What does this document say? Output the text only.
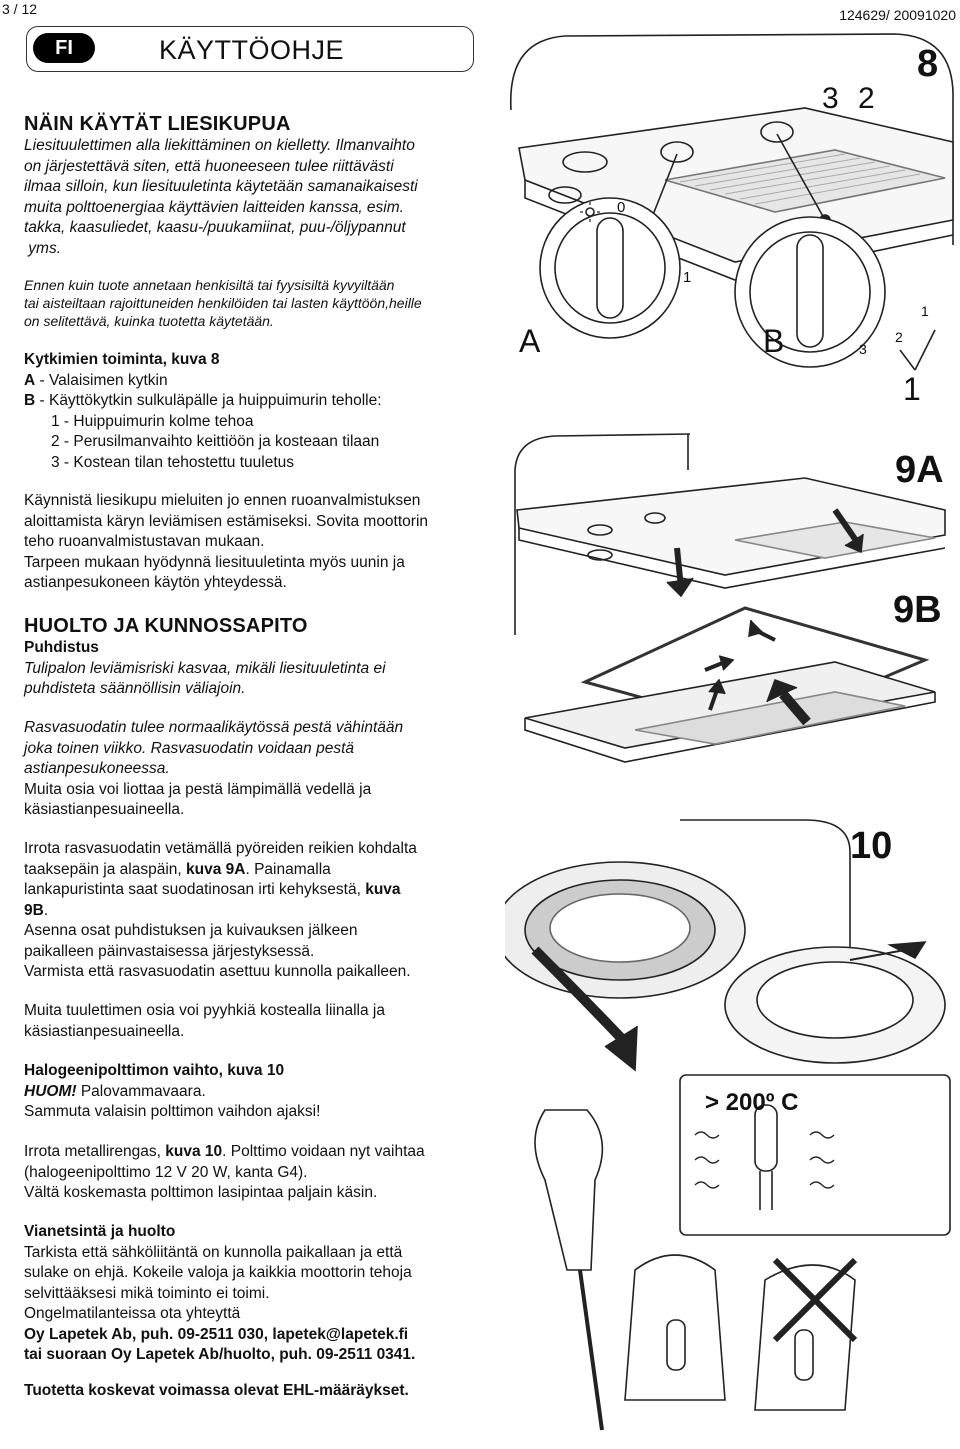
3 / 12	124629/ 20091020
FI	KÄYTTÖOHJE

NÄIN KÄYTÄT LIESIKUPUA

Liesituulettimen alla liekittäminen on kielletty. Ilmanvaihto
on järjestettävä siten, että huoneeseen tulee riittävästi
ilmaa silloin, kun liesituuletinta käytetään samanaikaisesti
muita polttoenergiaa käyttävien laitteiden kanssa, esim.
takka, kaasuliedet, kaasu-/puukamiinat, puu-/öljypannut
yms.

Ennen kuin tuote annetaan henkisiltä tai fyysisiltä kyvyiltään
tai aisteiltaan rajoittuneiden henkilöiden tai lasten käyttöön,heille
on selitettävä, kuinka tuotetta käytetään.

Kytkimien toiminta, kuva 8

A - Valaisimen kytkin

B - Käyttökytkin sulkuläpälle ja huippuimurin teholle:

1 - Huippuimurin kolme tehoa
2 - Perusilmanvaihto keittiöön ja kosteaan tilaan
3 - Kostean tilan tehostettu tuuletus

Käynnistä liesikupu mieluiten jo ennen ruoanvalmistuksen
aloittamista käryn leviämisen estämiseksi. Sovita moottorin
teho ruoanvalmistustavan mukaan.
Tarpeen mukaan hyödynnä liesituuletinta myös uunin ja
astianpesukoneen käytön yhteydessä.

HUOLTO JA KUNNOSSAPITO

Puhdistus

Tulipalon leviämisriski kasvaa, mikäli liesituuletinta ei
puhdisteta säännöllisin väliajoin.

Rasvasuodatin tulee normaalikäytössä pestä vähintään
joka toinen viikko. Rasvasuodatin voidaan pestä
astianpesukoneessa.

Muita osia voi liottaa ja pestä lämpimällä vedellä ja
käsiastianpesuaineella.

Irrota rasvasuodatin vetämällä pyöreiden reikien kohdalta
taaksepäin ja alaspäin, kuva 9A. Painamalla
lankapuristinta saat suodatinosan irti kehyksestä, kuva
9B.
Asenna osat puhdistuksen ja kuivauksen jälkeen
paikalleen päinvastaisessa järjestyksessä.
Varmista että rasvasuodatin asettuu kunnolla paikalleen.

Muita tuulettimen osia voi pyyhkiä kostealla liinalla ja
käsiastianpesuaineella.

Halogeenipolttimon vaihto, kuva 10

HUOM! Palovammavaara.

Sammuta valaisin polttimon vaihdon ajaksi!

Irrota metallirengas, kuva 10. Polttimo voidaan nyt vaihtaa
(halogeenipolttimo 12 V 20 W, kanta G4).
Vältä koskemasta polttimon lasipintaa paljain käsin.

Vianetsintä ja huolto

Tarkista että sähköliitäntä on kunnolla paikallaan ja että
sulake on ehjä. Kokeile valoja ja kaikkia moottorin tehoja
selvittääksesi mikä toiminto ei toimi.
Ongelmatilanteissa ota yhteyttä

Oy Lapetek Ab, puh. 09-2511 030, lapetek@lapetek.fi
tai suoraan Oy Lapetek Ab/huolto, puh. 09-2511 0341.

Tuotetta koskevat voimassa olevat EHL-määräykset.
3 2
8
0
1
A	B
1
2
3
1
9A
9B
10
> 200º C
